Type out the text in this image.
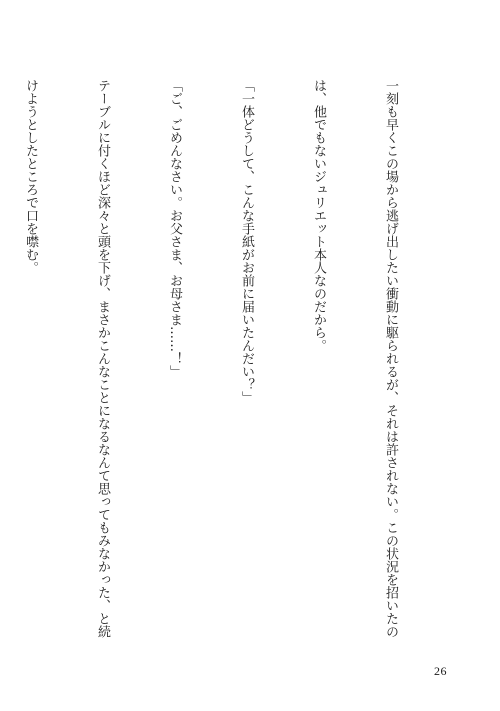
一刻も早くこの場から逃げ出したい衝動に駆られるが、それは許されない。この状況を招いたの

は、他でもないジュリエット本人なのだから。

「一体どうして、こんな手紙がお前に届いたんだい？」

「ご、ごめんなさい。お父さま、お母さま……！」

テーブルに付くほど深々と頭を下げ、まさかこんなことになるなんて思ってもみなかった、と続

けようとしたところで口を噤む。

26
